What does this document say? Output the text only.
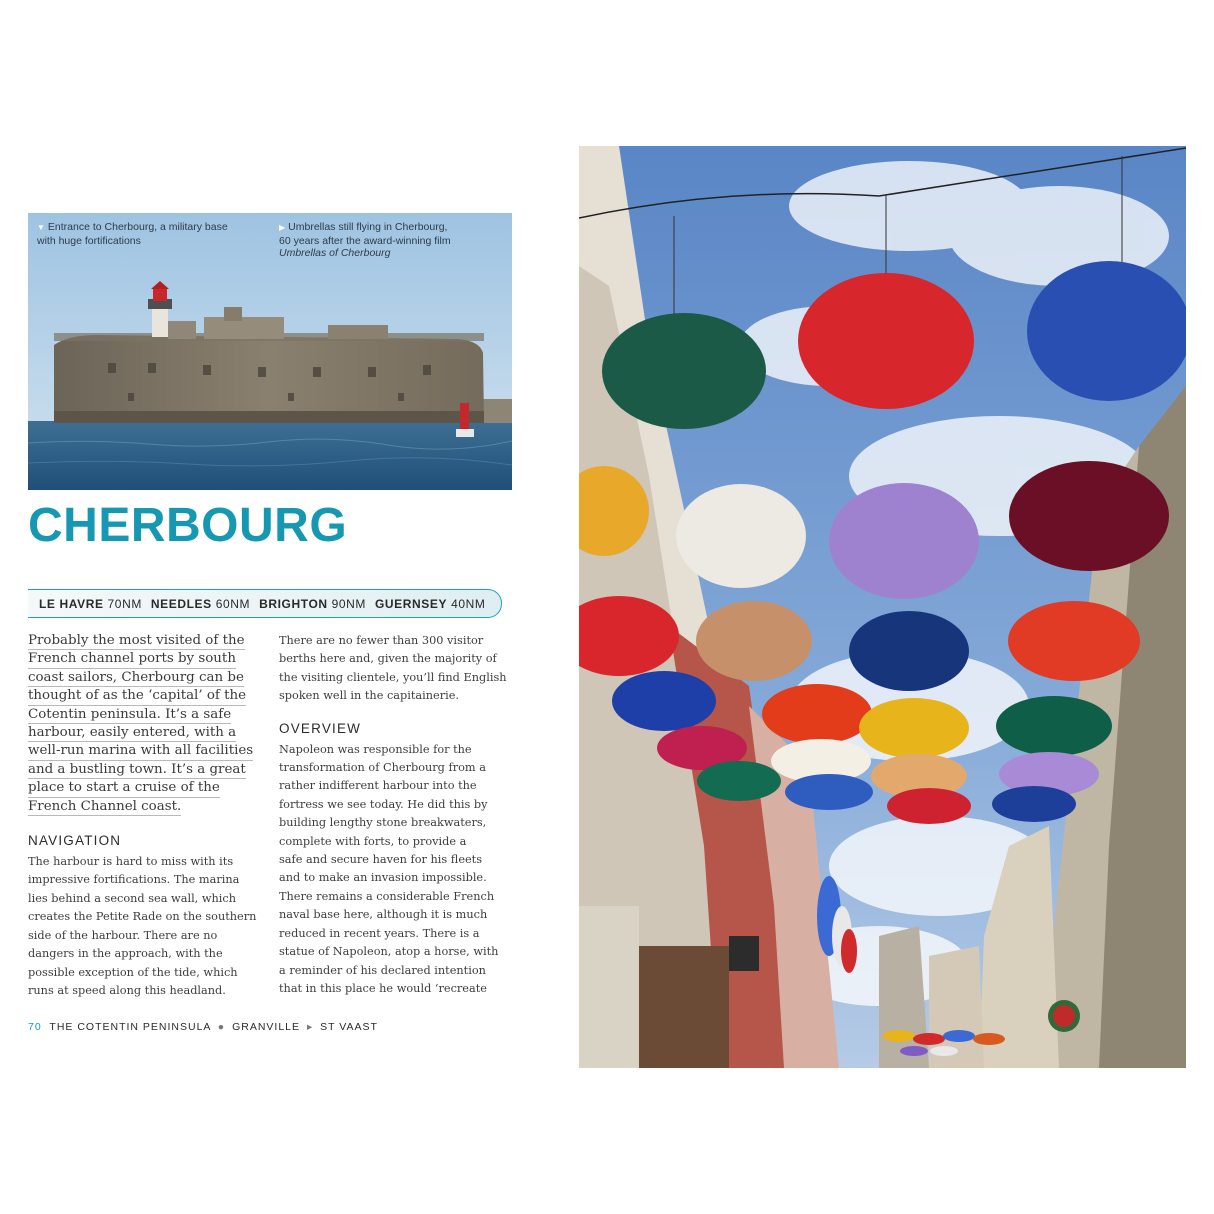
▼ Entrance to Cherbourg, a military base
with huge fortifications
▶ Umbrellas still flying in Cherbourg,
60 years after the award-winning film
Umbrellas of Cherbourg
CHERBOURG
LE HAVRE
70NM
NEEDLES
60NM
BRIGHTON
90NM
GUERNSEY
40NM
Probably the most visited of the
French channel ports by south
coast sailors, Cherbourg can be
thought of as the ‘capital’ of the
Cotentin peninsula. It’s a safe
harbour, easily entered, with a
well-run marina with all facilities
and a bustling town. It’s a great
place to start a cruise of the
French Channel coast.
NAVIGATION

The harbour is hard to miss with its
impressive fortifications. The marina
lies behind a second sea wall, which
creates the Petite Rade on the southern
side of the harbour. There are no
dangers in the approach, with the
possible exception of the tide, which
runs at speed along this headland.

There are no fewer than 300 visitor
berths here and, given the majority of
the visiting clientele, you’ll find English
spoken well in the capitainerie.

OVERVIEW

Napoleon was responsible for the
transformation of Cherbourg from a
rather indifferent harbour into the
fortress we see today. He did this by
building lengthy stone breakwaters,
complete with forts, to provide a
safe and secure haven for his fleets
and to make an invasion impossible.
There remains a considerable French
naval base here, although it is much
reduced in recent years. There is a
statue of Napoleon, atop a horse, with
a reminder of his declared intention
that in this place he would ‘recreate

70 THE COTENTIN PENINSULA ● GRANVILLE ▸ ST VAAST
